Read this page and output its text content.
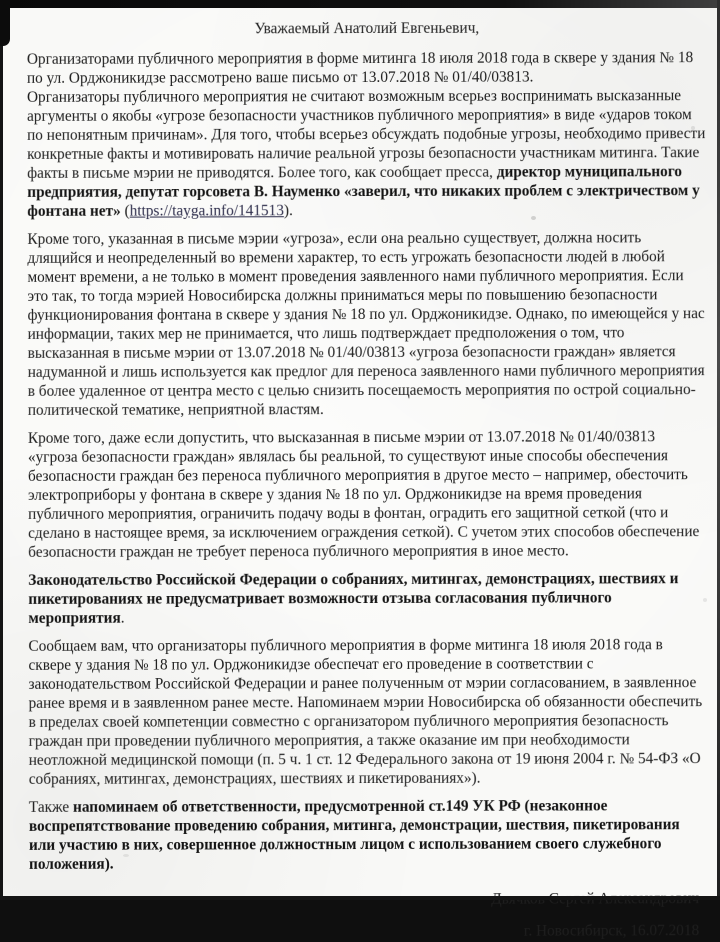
Уважаемый Анатолий Евгеньевич,

Организаторами публичного мероприятия в форме митинга 18 июля 2018 года в сквере у здания № 18 по ул. Орджоникидзе рассмотрено ваше письмо от 13.07.2018 № 01/40/03813.

Организаторы публичного мероприятия не считают возможным всерьез воспринимать высказанные аргументы о якобы «угрозе безопасности участников публичного мероприятия» в виде «ударов током по непонятным причинам». Для того, чтобы всерьез обсуждать подобные угрозы, необходимо привести конкретные факты и мотивировать наличие реальной угрозы безопасности участникам митинга. Такие факты в письме мэрии не приводятся. Более того, как сообщает пресса, директор муниципального предприятия, депутат горсовета В. Науменко «заверил, что никаких проблем с электричеством у фонтана нет» (https://tayga.info/141513).

Кроме того, указанная в письме мэрии «угроза», если она реально существует, должна носить длящийся и неопределенный во времени характер, то есть угрожать безопасности людей в любой момент времени, а не только в момент проведения заявленного нами публичного мероприятия. Если это так, то тогда мэрией Новосибирска должны приниматься меры по повышению безопасности функционирования фонтана в сквере у здания № 18 по ул. Орджоникидзе. Однако, по имеющейся у нас информации, таких мер не принимается, что лишь подтверждает предположения о том, что высказанная в письме мэрии от 13.07.2018 № 01/40/03813 «угроза безопасности граждан» является надуманной и лишь используется как предлог для переноса заявленного нами публичного мероприятия в более удаленное от центра место с целью снизить посещаемость мероприятия по острой социально-политической тематике, неприятной властям.

Кроме того, даже если допустить, что высказанная в письме мэрии от 13.07.2018 № 01/40/03813 «угроза безопасности граждан» являлась бы реальной, то существуют иные способы обеспечения безопасности граждан без переноса публичного мероприятия в другое место – например, обесточить электроприборы у фонтана в сквере у здания № 18 по ул. Орджоникидзе на время проведения публичного мероприятия, ограничить подачу воды в фонтан, оградить его защитной сеткой (что и сделано в настоящее время, за исключением ограждения сеткой). С учетом этих способов обеспечение безопасности граждан не требует переноса публичного мероприятия в иное место.

Законодательство Российской Федерации о собраниях, митингах, демонстрациях, шествиях и пикетированиях не предусматривает возможности отзыва согласования публичного мероприятия.

Сообщаем вам, что организаторы публичного мероприятия в форме митинга 18 июля 2018 года в сквере у здания № 18 по ул. Орджоникидзе обеспечат его проведение в соответствии с законодательством Российской Федерации и ранее полученным от мэрии согласованием, в заявленное ранее время и в заявленном ранее месте. Напоминаем мэрии Новосибирска об обязанности обеспечить в пределах своей компетенции совместно с организатором публичного мероприятия безопасность граждан при проведении публичного мероприятия, а также оказание им при необходимости неотложной медицинской помощи (п. 5 ч. 1 ст. 12 Федерального закона от 19 июня 2004 г. № 54-ФЗ «О собраниях, митингах, демонстрациях, шествиях и пикетированиях»).

Также напоминаем об ответственности, предусмотренной ст.149 УК РФ (незаконное воспрепятствование проведению собрания, митинга, демонстрации, шествия, пикетирования или участию в них, совершенное должностным лицом с использованием своего служебного положения).

г. Новосибирск, 16.07.2018
